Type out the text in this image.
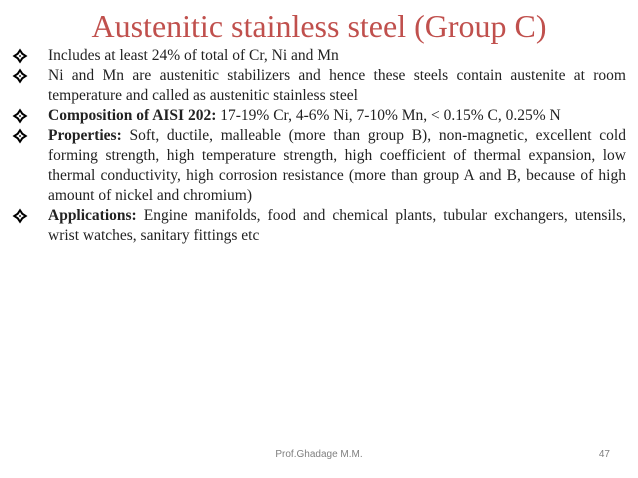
Austenitic stainless steel (Group C)
Includes at least 24% of total of Cr, Ni and Mn
Ni and Mn are austenitic stabilizers and hence these steels contain austenite at room temperature and called as austenitic stainless steel
Composition of AISI 202: 17-19% Cr, 4-6% Ni, 7-10% Mn, < 0.15% C, 0.25% N
Properties: Soft, ductile, malleable (more than group B), non-magnetic, excellent cold forming strength, high temperature strength, high coefficient of thermal expansion, low thermal conductivity, high corrosion resistance (more than group A and B, because of high amount of nickel and chromium)
Applications: Engine manifolds, food and chemical plants, tubular exchangers, utensils, wrist watches, sanitary fittings etc
Prof.Ghadage M.M.	47
